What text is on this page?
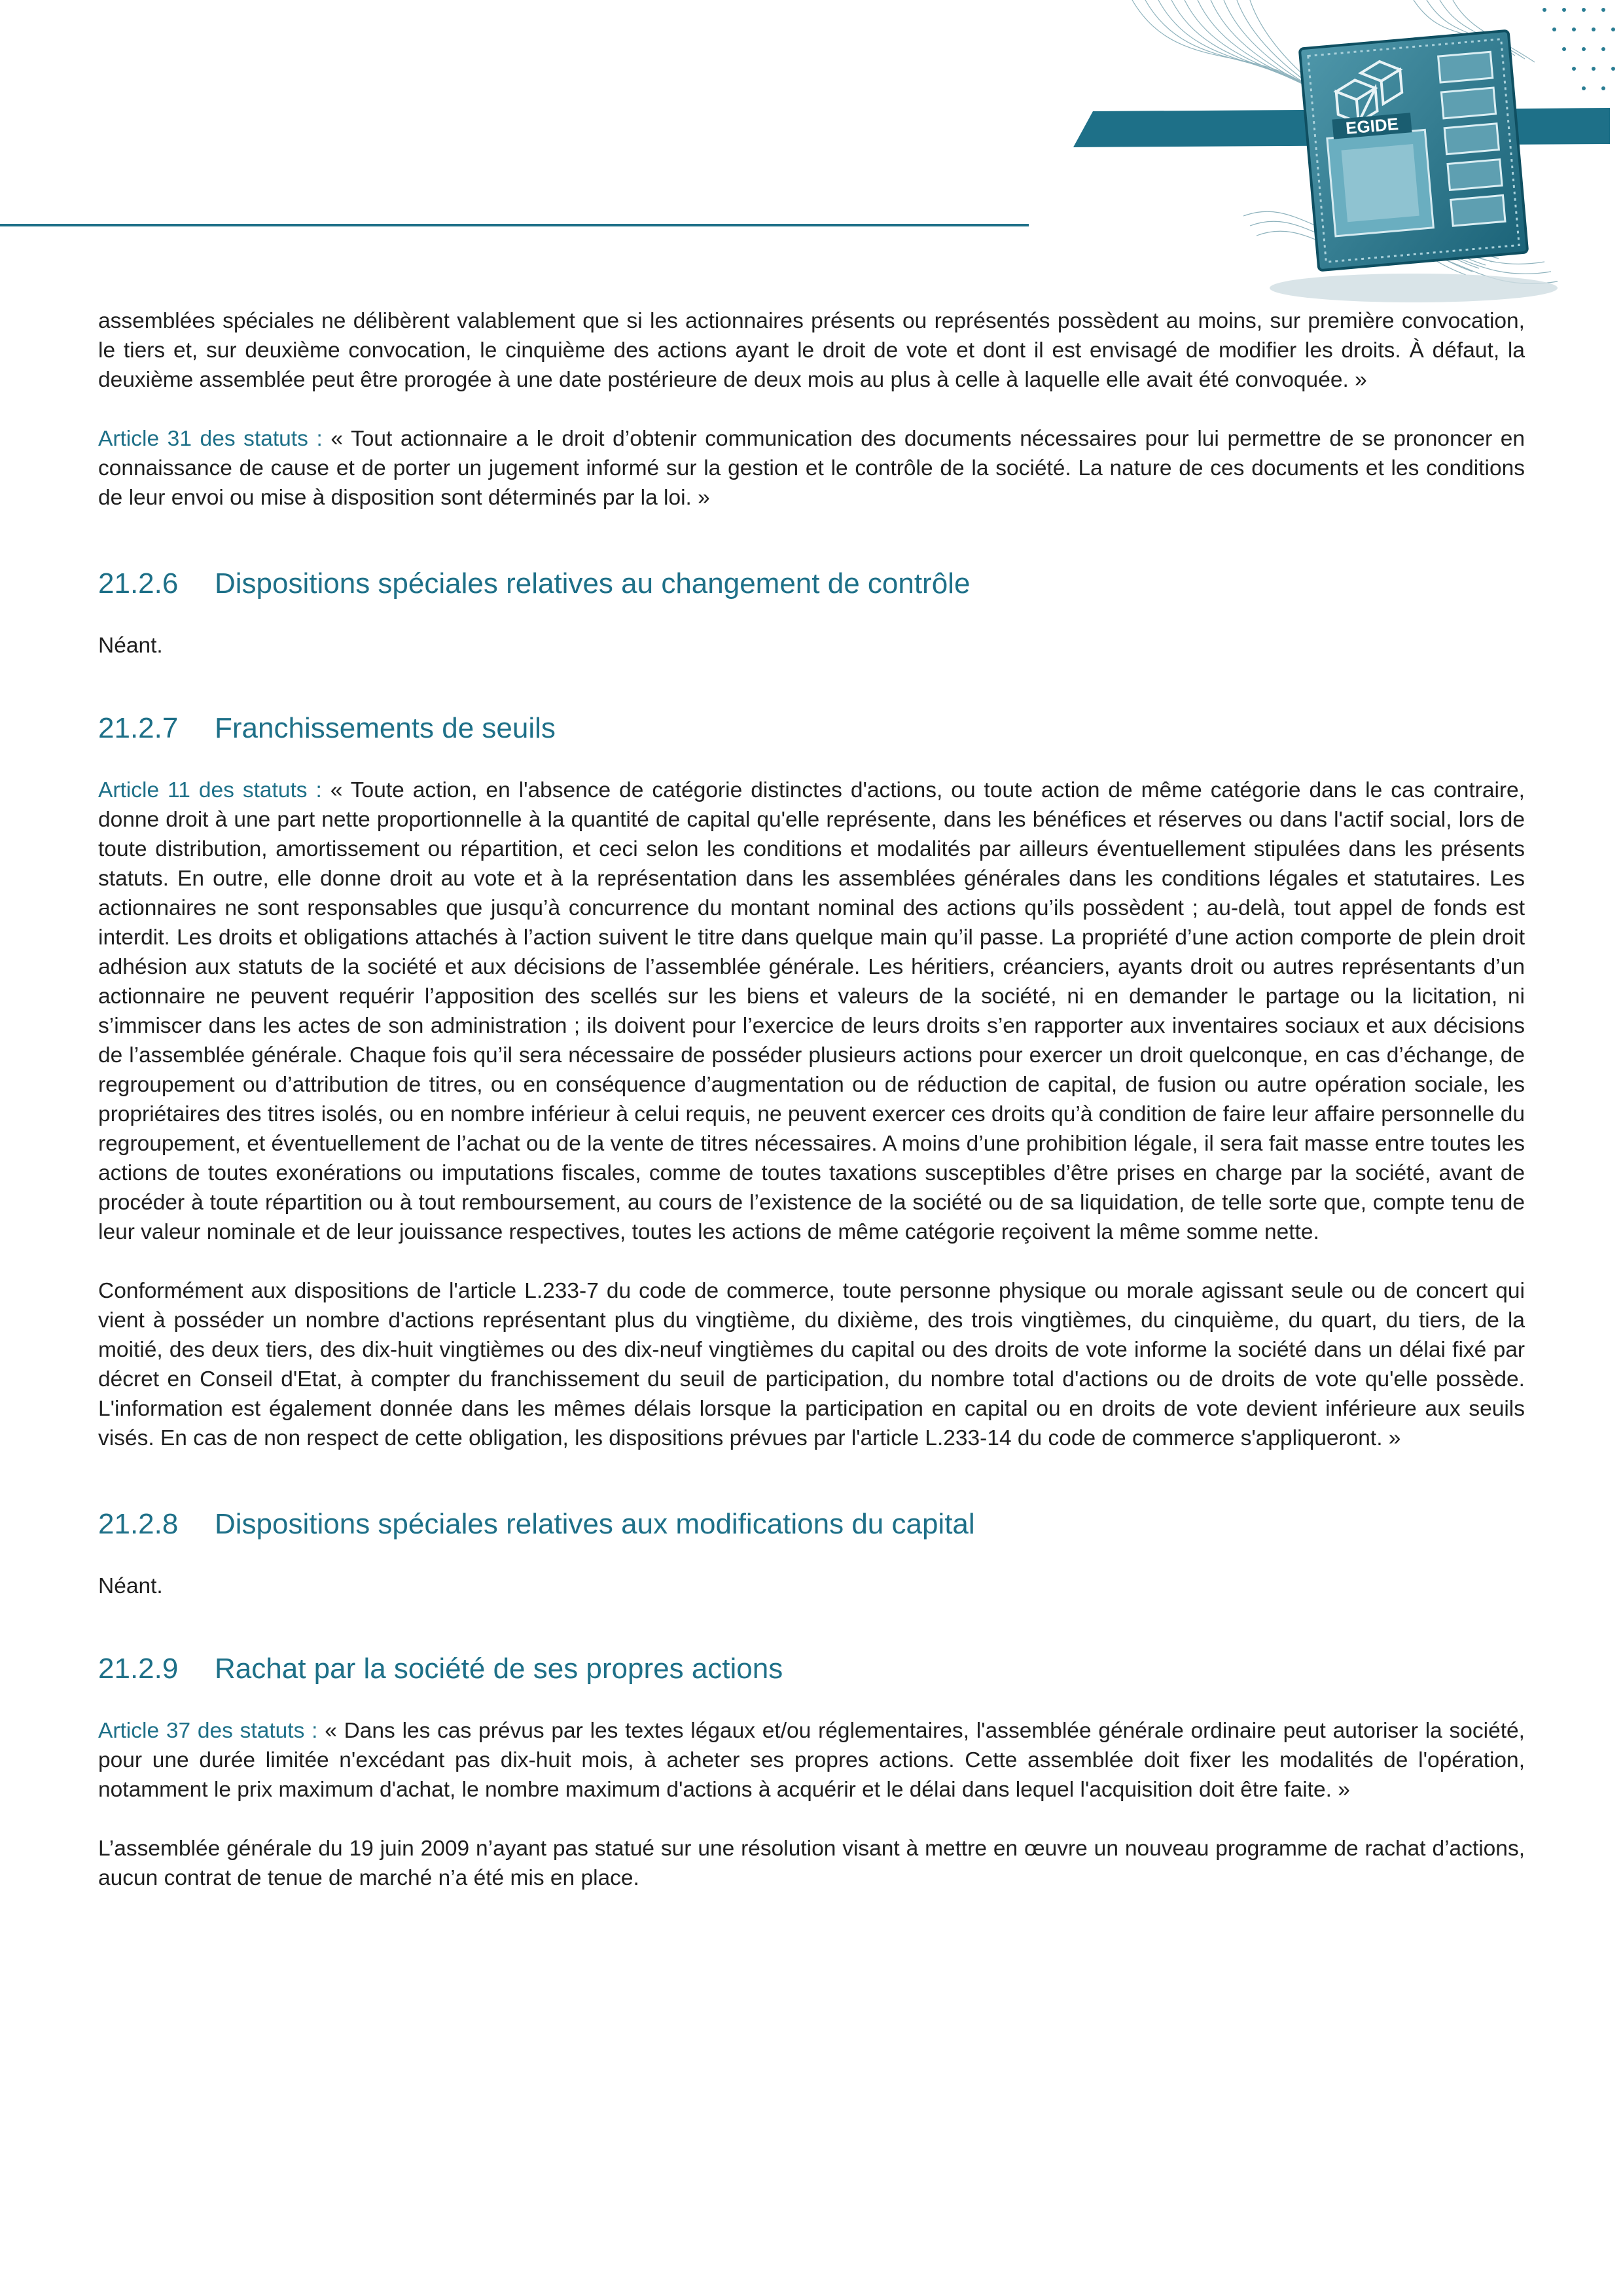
EGIDE

assemblées spéciales ne délibèrent valablement que si les actionnaires présents ou représentés possèdent au moins, sur première convocation, le tiers et, sur deuxième convocation, le cinquième des actions ayant le droit de vote et dont il est envisagé de modifier les droits. À défaut, la deuxième assemblée peut être prorogée à une date postérieure de deux mois au plus à celle à laquelle elle avait été convoquée. »

Article 31 des statuts : « Tout actionnaire a le droit d’obtenir communication des documents nécessaires pour lui permettre de se prononcer en connaissance de cause et de porter un jugement informé sur la gestion et le contrôle de la société. La nature de ces documents et les conditions de leur envoi ou mise à disposition sont déterminés par la loi. »

21.2.6	Dispositions spéciales relatives au changement de contrôle

Néant.

21.2.7	Franchissements de seuils

Article 11 des statuts : « Toute action, en l'absence de catégorie distinctes d'actions, ou toute action de même catégorie dans le cas contraire, donne droit à une part nette proportionnelle à la quantité de capital qu'elle représente, dans les bénéfices et réserves ou dans l'actif social, lors de toute distribution, amortissement ou répartition, et ceci selon les conditions et modalités par ailleurs éventuellement stipulées dans les présents statuts. En outre, elle donne droit au vote et à la représentation dans les assemblées générales dans les conditions légales et statutaires. Les actionnaires ne sont responsables que jusqu’à concurrence du montant nominal des actions qu’ils possèdent ; au-delà, tout appel de fonds est interdit. Les droits et obligations attachés à l’action suivent le titre dans quelque main qu’il passe. La propriété d’une action comporte de plein droit adhésion aux statuts de la société et aux décisions de l’assemblée générale. Les héritiers, créanciers, ayants droit ou autres représentants d’un actionnaire ne peuvent requérir l’apposition des scellés sur les biens et valeurs de la société, ni en demander le partage ou la licitation, ni s’immiscer dans les actes de son administration ; ils doivent pour l’exercice de leurs droits s’en rapporter aux inventaires sociaux et aux décisions de l’assemblée générale. Chaque fois qu’il sera nécessaire de posséder plusieurs actions pour exercer un droit quelconque, en cas d’échange, de regroupement ou d’attribution de titres, ou en conséquence d’augmentation ou de réduction de capital, de fusion ou autre opération sociale, les propriétaires des titres isolés, ou en nombre inférieur à celui requis, ne peuvent exercer ces droits qu’à condition de faire leur affaire personnelle du regroupement, et éventuellement de l’achat ou de la vente de titres nécessaires. A moins d’une prohibition légale, il sera fait masse entre toutes les actions de toutes exonérations ou imputations fiscales, comme de toutes taxations susceptibles d’être prises en charge par la société, avant de procéder à toute répartition ou à tout remboursement, au cours de l’existence de la société ou de sa liquidation, de telle sorte que, compte tenu de leur valeur nominale et de leur jouissance respectives, toutes les actions de même catégorie reçoivent la même somme nette.

Conformément aux dispositions de l'article L.233-7 du code de commerce, toute personne physique ou morale agissant seule ou de concert qui vient à posséder un nombre d'actions représentant plus du vingtième, du dixième, des trois vingtièmes, du cinquième, du quart, du tiers, de la moitié, des deux tiers, des dix-huit vingtièmes ou des dix-neuf vingtièmes du capital ou des droits de vote informe la société dans un délai fixé par décret en Conseil d'Etat, à compter du franchissement du seuil de participation, du nombre total d'actions ou de droits de vote qu'elle possède. L'information est également donnée dans les mêmes délais lorsque la participation en capital ou en droits de vote devient inférieure aux seuils visés. En cas de non respect de cette obligation, les dispositions prévues par l'article L.233-14 du code de commerce s'appliqueront. »

21.2.8	Dispositions spéciales relatives aux modifications du capital

Néant.

21.2.9	Rachat par la société de ses propres actions

Article 37 des statuts : « Dans les cas prévus par les textes légaux et/ou réglementaires, l'assemblée générale ordinaire peut autoriser la société, pour une durée limitée n'excédant pas dix-huit mois, à acheter ses propres actions. Cette assemblée doit fixer les modalités de l'opération, notamment le prix maximum d'achat, le nombre maximum d'actions à acquérir et le délai dans lequel l'acquisition doit être faite. »

L’assemblée générale du 19 juin 2009 n’ayant pas statué sur une résolution visant à mettre en œuvre un nouveau programme de rachat d’actions, aucun contrat de tenue de marché n’a été mis en place.
